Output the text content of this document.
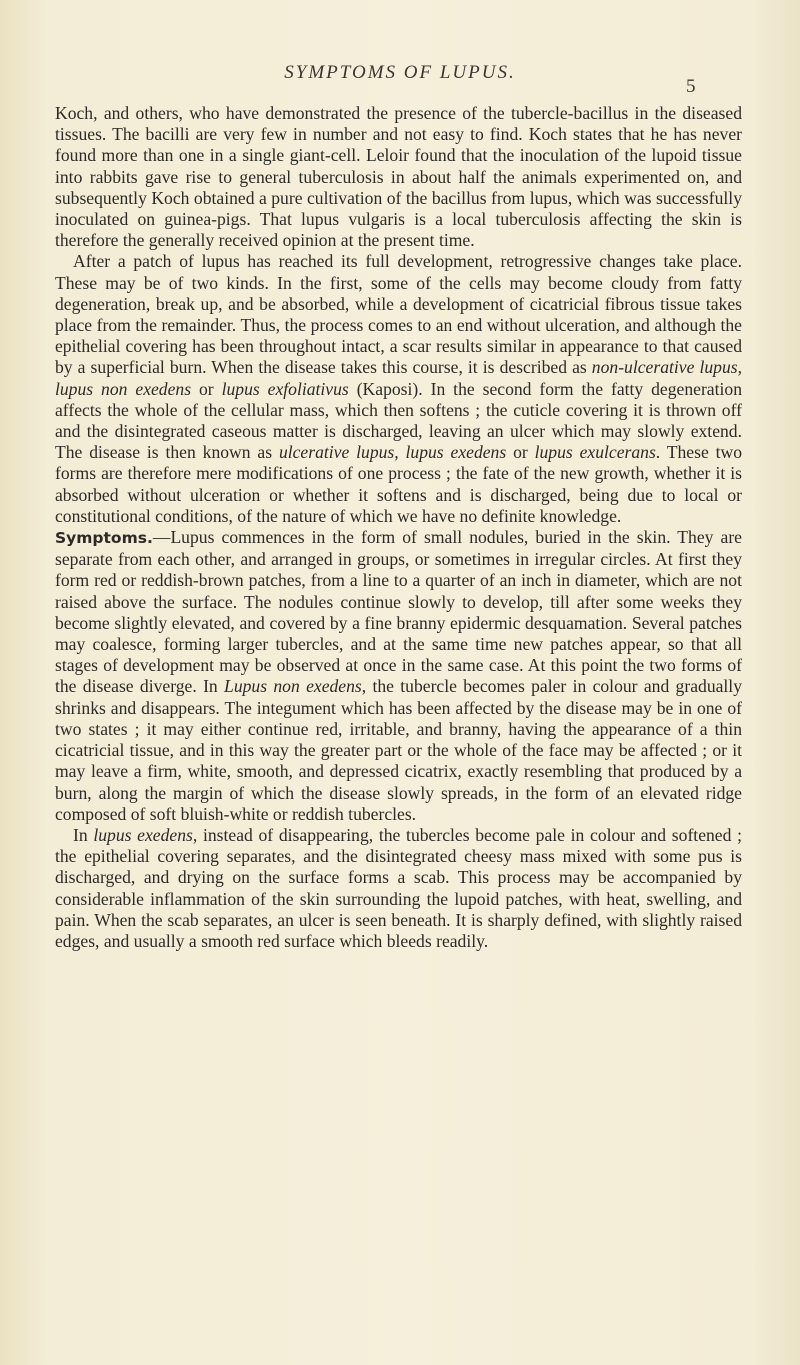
SYMPTOMS OF LUPUS.
5

Koch, and others, who have demonstrated the presence of the tubercle-bacillus in the diseased tissues. The bacilli are very few in number and not easy to find. Koch states that he has never found more than one in a single giant-cell. Leloir found that the inoculation of the lupoid tissue into rabbits gave rise to general tuberculosis in about half the animals experimented on, and subsequently Koch obtained a pure cultivation of the bacillus from lupus, which was successfully inoculated on guinea-pigs. That lupus vulgaris is a local tuberculosis affecting the skin is therefore the generally received opinion at the present time.

After a patch of lupus has reached its full development, retrogressive changes take place. These may be of two kinds. In the first, some of the cells may become cloudy from fatty degeneration, break up, and be absorbed, while a development of cicatricial fibrous tissue takes place from the remainder. Thus, the process comes to an end without ulceration, and although the epithelial covering has been throughout intact, a scar results similar in appearance to that caused by a superficial burn. When the disease takes this course, it is described as non-ulcerative lupus, lupus non exedens or lupus exfoliativus (Kaposi). In the second form the fatty degeneration affects the whole of the cellular mass, which then softens ; the cuticle covering it is thrown off and the disintegrated caseous matter is discharged, leaving an ulcer which may slowly extend. The disease is then known as ulcerative lupus, lupus exedens or lupus exulcerans. These two forms are therefore mere modifications of one process ; the fate of the new growth, whether it is absorbed without ulceration or whether it softens and is discharged, being due to local or constitutional conditions, of the nature of which we have no definite knowledge.

Symptoms.—Lupus commences in the form of small nodules, buried in the skin. They are separate from each other, and arranged in groups, or sometimes in irregular circles. At first they form red or reddish-brown patches, from a line to a quarter of an inch in diameter, which are not raised above the surface. The nodules continue slowly to develop, till after some weeks they become slightly elevated, and covered by a fine branny epidermic desquamation. Several patches may coalesce, forming larger tubercles, and at the same time new patches appear, so that all stages of development may be observed at once in the same case. At this point the two forms of the disease diverge. In Lupus non exedens, the tubercle becomes paler in colour and gradually shrinks and disappears. The integument which has been affected by the disease may be in one of two states ; it may either continue red, irritable, and branny, having the appearance of a thin cicatricial tissue, and in this way the greater part or the whole of the face may be affected ; or it may leave a firm, white, smooth, and depressed cicatrix, exactly resembling that produced by a burn, along the margin of which the disease slowly spreads, in the form of an elevated ridge composed of soft bluish-white or reddish tubercles.

In lupus exedens, instead of disappearing, the tubercles become pale in colour and softened ; the epithelial covering separates, and the disintegrated cheesy mass mixed with some pus is discharged, and drying on the surface forms a scab. This process may be accompanied by considerable inflammation of the skin surrounding the lupoid patches, with heat, swelling, and pain. When the scab separates, an ulcer is seen beneath. It is sharply defined, with slightly raised edges, and usually a smooth red surface which bleeds readily.
